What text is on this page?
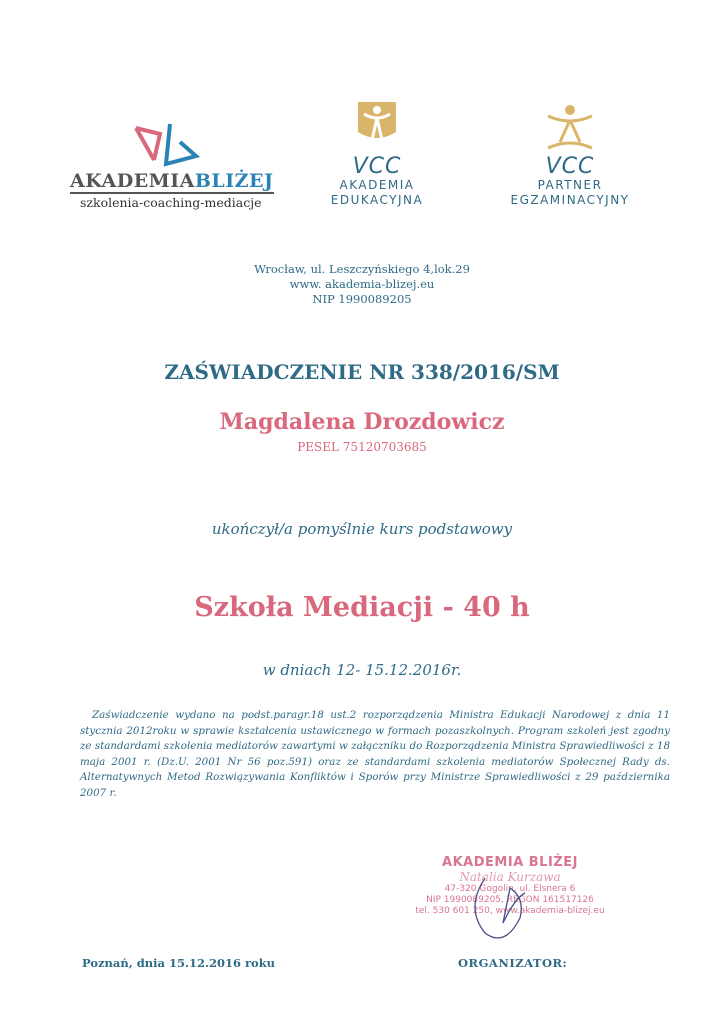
AKADEMIABLIŻEJ
szkolenia-coaching-mediacje
VCC
AKADEMIA
EDUKACYJNA
VCC
PARTNER
EGZAMINACYJNY
Wrocław, ul. Leszczyńskiego 4,lok.29
www. akademia-blizej.eu
NIP 1990089205
ZAŚWIADCZENIE NR 338/2016/SM
Magdalena Drozdowicz
PESEL 75120703685
ukończył/a pomyślnie kurs podstawowy
Szkoła Mediacji - 40 h
w dniach 12- 15.12.2016r.
Zaświadczenie wydano na podst.paragr.18 ust.2 rozporządzenia Ministra Edukacji Narodowej z dnia 11 stycznia 2012roku w sprawie kształcenia ustawicznego w formach pozaszkolnych. Program szkoleń jest zgodny ze standardami szkolenia mediatorów zawartymi w załączniku do Rozporządzenia Ministra Sprawiedliwości z 18 maja 2001 r. (Dz.U. 2001 Nr 56 poz.591) oraz ze standardami szkolenia mediatorów Społecznej Rady ds. Alternatywnych Metod Rozwiązywania Konfliktów i Sporów przy Ministrze Sprawiedliwości z 29 października 2007 r.
AKADEMIA BLIŻEJ
Natalia Kurzawa
47-320 Gogolin, ul. Elsnera 6
NIP 1990089205, REGON 161517126
tel. 530 601 250, www.akademia-blizej.eu
Poznań, dnia 15.12.2016 roku	ORGANIZATOR:
